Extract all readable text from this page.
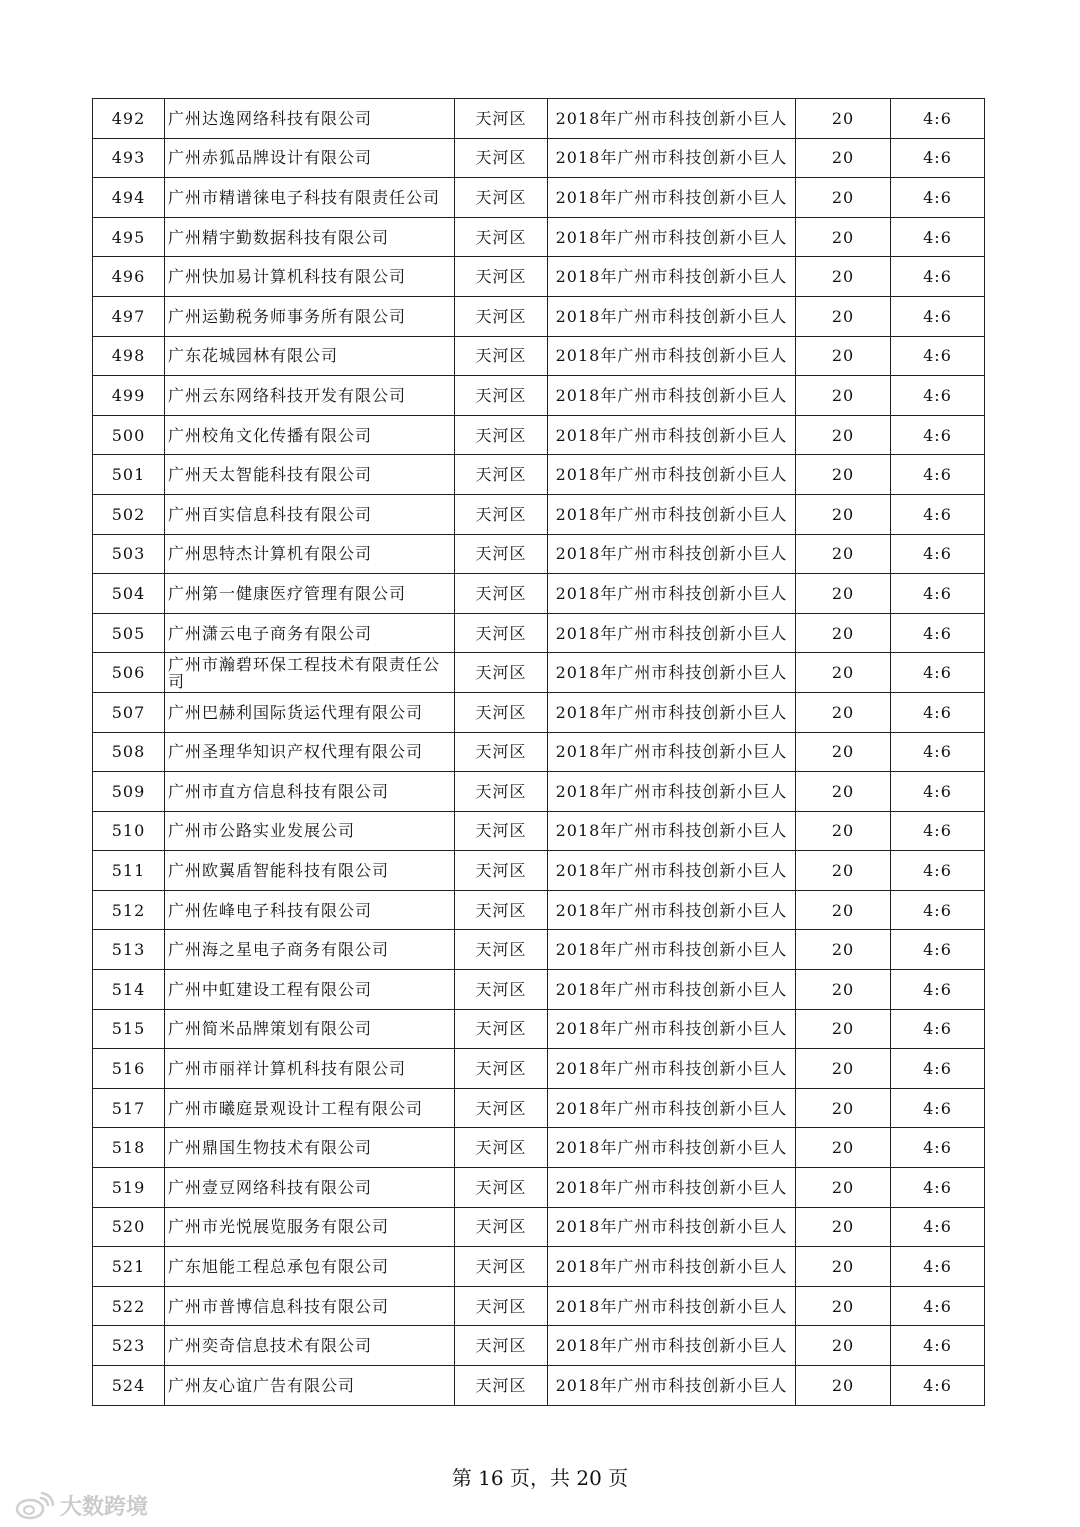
492	广州达逸网络科技有限公司	天河区	2018年广州市科技创新小巨人	20	4:6
493	广州赤狐品牌设计有限公司	天河区	2018年广州市科技创新小巨人	20	4:6
494	广州市精谱徕电子科技有限责任公司	天河区	2018年广州市科技创新小巨人	20	4:6
495	广州精宇勤数据科技有限公司	天河区	2018年广州市科技创新小巨人	20	4:6
496	广州快加易计算机科技有限公司	天河区	2018年广州市科技创新小巨人	20	4:6
497	广州运勤税务师事务所有限公司	天河区	2018年广州市科技创新小巨人	20	4:6
498	广东花城园林有限公司	天河区	2018年广州市科技创新小巨人	20	4:6
499	广州云东网络科技开发有限公司	天河区	2018年广州市科技创新小巨人	20	4:6
500	广州校角文化传播有限公司	天河区	2018年广州市科技创新小巨人	20	4:6
501	广州天太智能科技有限公司	天河区	2018年广州市科技创新小巨人	20	4:6
502	广州百实信息科技有限公司	天河区	2018年广州市科技创新小巨人	20	4:6
503	广州思特杰计算机有限公司	天河区	2018年广州市科技创新小巨人	20	4:6
504	广州第一健康医疗管理有限公司	天河区	2018年广州市科技创新小巨人	20	4:6
505	广州潇云电子商务有限公司	天河区	2018年广州市科技创新小巨人	20	4:6
506	广州市瀚碧环保工程技术有限责任公司	天河区	2018年广州市科技创新小巨人	20	4:6
507	广州巴赫利国际货运代理有限公司	天河区	2018年广州市科技创新小巨人	20	4:6
508	广州圣理华知识产权代理有限公司	天河区	2018年广州市科技创新小巨人	20	4:6
509	广州市直方信息科技有限公司	天河区	2018年广州市科技创新小巨人	20	4:6
510	广州市公路实业发展公司	天河区	2018年广州市科技创新小巨人	20	4:6
511	广州欧翼盾智能科技有限公司	天河区	2018年广州市科技创新小巨人	20	4:6
512	广州佐峰电子科技有限公司	天河区	2018年广州市科技创新小巨人	20	4:6
513	广州海之星电子商务有限公司	天河区	2018年广州市科技创新小巨人	20	4:6
514	广州中虹建设工程有限公司	天河区	2018年广州市科技创新小巨人	20	4:6
515	广州简米品牌策划有限公司	天河区	2018年广州市科技创新小巨人	20	4:6
516	广州市丽祥计算机科技有限公司	天河区	2018年广州市科技创新小巨人	20	4:6
517	广州市曦庭景观设计工程有限公司	天河区	2018年广州市科技创新小巨人	20	4:6
518	广州鼎国生物技术有限公司	天河区	2018年广州市科技创新小巨人	20	4:6
519	广州壹豆网络科技有限公司	天河区	2018年广州市科技创新小巨人	20	4:6
520	广州市光悦展览服务有限公司	天河区	2018年广州市科技创新小巨人	20	4:6
521	广东旭能工程总承包有限公司	天河区	2018年广州市科技创新小巨人	20	4:6
522	广州市普博信息科技有限公司	天河区	2018年广州市科技创新小巨人	20	4:6
523	广州奕奇信息技术有限公司	天河区	2018年广州市科技创新小巨人	20	4:6
524	广州友心谊广告有限公司	天河区	2018年广州市科技创新小巨人	20	4:6
第 16 页，共 20 页
大数跨境
